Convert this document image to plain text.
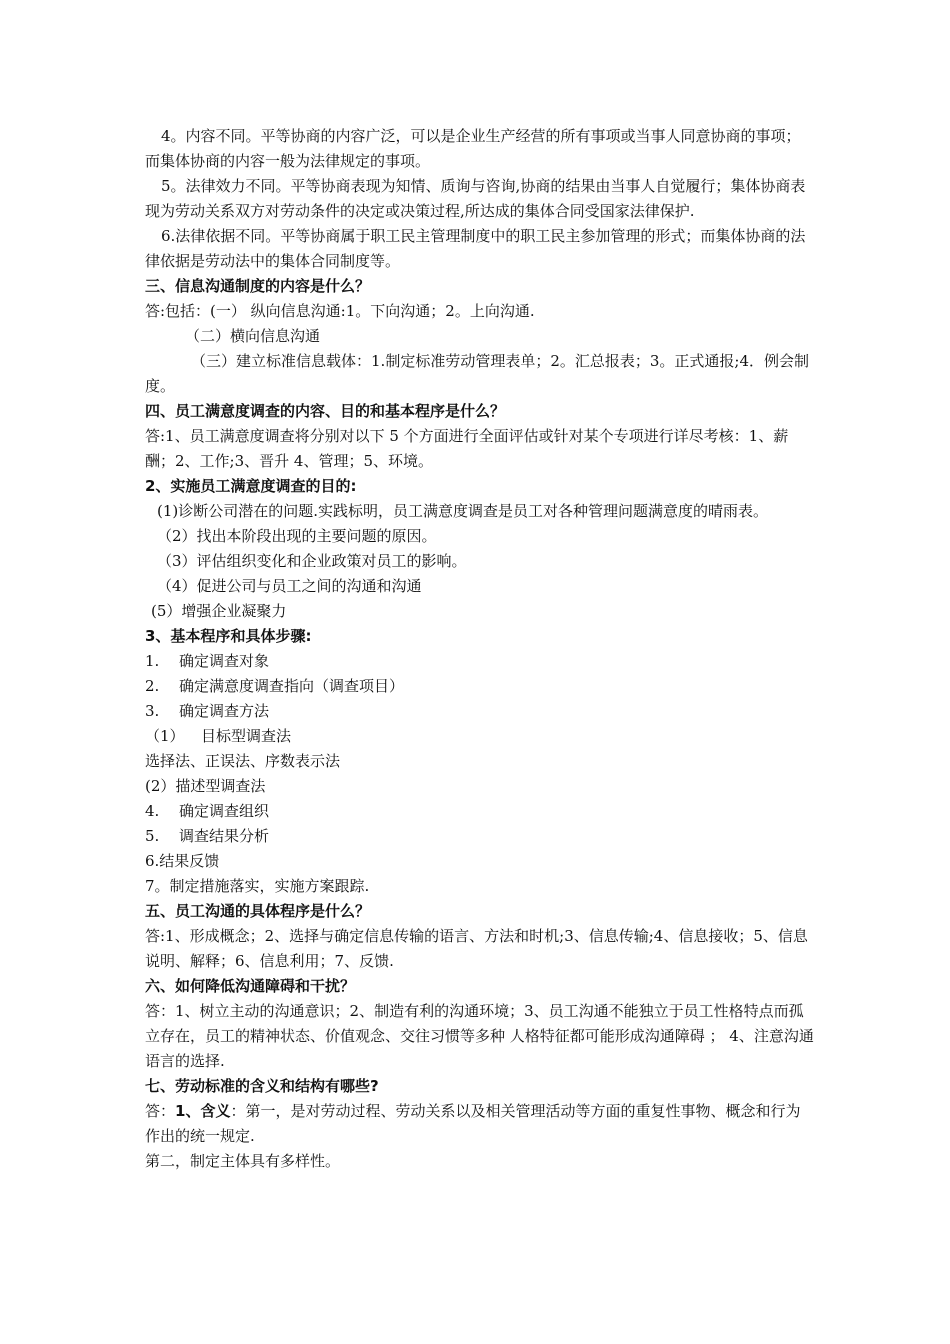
4。内容不同。平等协商的内容广泛，可以是企业生产经营的所有事项或当事人同意协商的事项；而集体协商的内容一般为法律规定的事项。

5。法律效力不同。平等协商表现为知情、质询与咨询,协商的结果由当事人自觉履行；集体协商表现为劳动关系双方对劳动条件的决定或决策过程,所达成的集体合同受国家法律保护.

6.法律依据不同。平等协商属于职工民主管理制度中的职工民主参加管理的形式；而集体协商的法律依据是劳动法中的集体合同制度等。

三、信息沟通制度的内容是什么？

答:包括：(一） 纵向信息沟通:1。下向沟通；2。上向沟通.

（二）横向信息沟通

（三）建立标准信息载体：1.制定标准劳动管理表单；2。汇总报表；3。正式通报;4．例会制度。

四、员工满意度调查的内容、目的和基本程序是什么？

答:1、员工满意度调查将分别对以下 5 个方面进行全面评估或针对某个专项进行详尽考核：1、薪酬；2、工作;3、晋升 4、管理；5、环境。

2、实施员工满意度调查的目的:

(1)诊断公司潜在的问题.实践标明，员工满意度调查是员工对各种管理问题满意度的晴雨表。

（2）找出本阶段出现的主要问题的原因。

（3）评估组织变化和企业政策对员工的影响。

（4）促进公司与员工之间的沟通和沟通

(5）增强企业凝聚力

3、基本程序和具体步骤:

1. 确定调查对象

2. 确定满意度调查指向（调查项目）

3. 确定调查方法

（1） 目标型调查法

选择法、正误法、序数表示法

(2）描述型调查法

4. 确定调查组织

5. 调查结果分析

6.结果反馈

7。制定措施落实，实施方案跟踪.

五、员工沟通的具体程序是什么？

答:1、形成概念；2、选择与确定信息传输的语言、方法和时机;3、信息传输;4、信息接收；5、信息说明、解释；6、信息利用；7、反馈.

六、如何降低沟通障碍和干扰？

答：1、树立主动的沟通意识；2、制造有利的沟通环境；3、员工沟通不能独立于员工性格特点而孤立存在，员工的精神状态、价值观念、交往习惯等多种 人格特征都可能形成沟通障碍 ； 4、注意沟通语言的选择.

七、劳动标准的含义和结构有哪些?

答：1、含义：第一，是对劳动过程、劳动关系以及相关管理活动等方面的重复性事物、概念和行为作出的统一规定.

第二，制定主体具有多样性。
